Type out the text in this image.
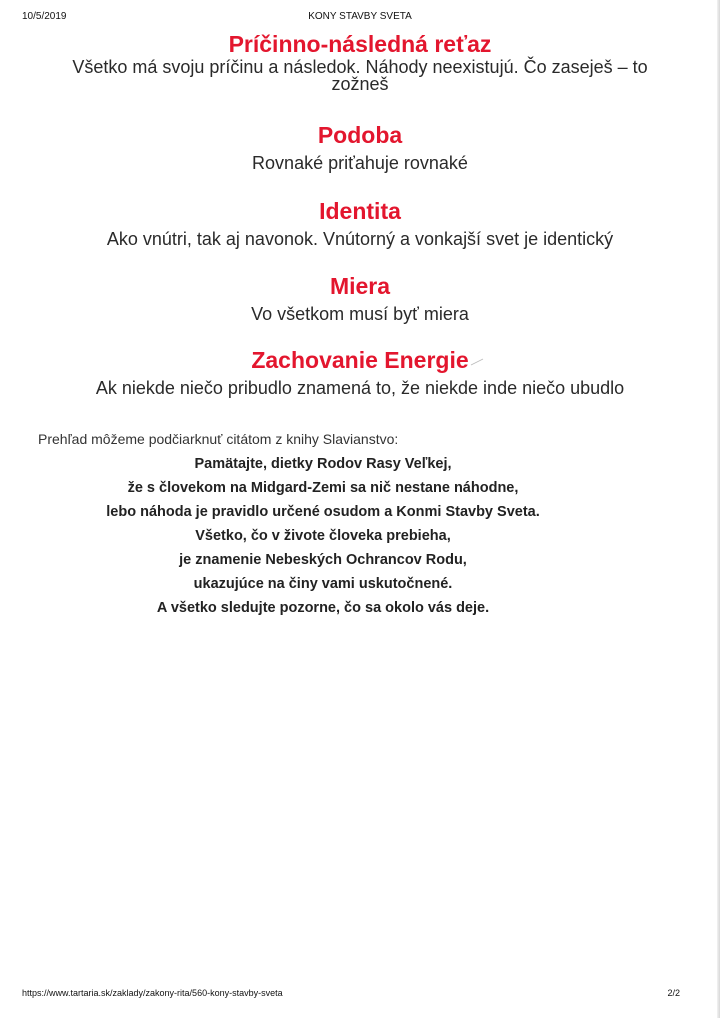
10/5/2019	KONY STAVBY SVETA
Príčinno-následná reťaz
Všetko má svoju príčinu a následok. Náhody neexistujú. Čo zaseješ – to zožneš
Podoba
Rovnaké priťahuje rovnaké
Identita
Ako vnútri, tak aj navonok. Vnútorný a vonkajší svet je identický
Miera
Vo všetkom musí byť miera
Zachovanie Energie
Ak niekde niečo pribudlo znamená to, že niekde inde niečo ubudlo
Prehľad môžeme podčiarknuť citátom z knihy Slavianstvo:
Pamätajte, dietky Rodov Rasy Veľkej,
že s človekom na Midgard-Zemi sa nič nestane náhodne,
lebo náhoda je pravidlo určené osudom a Konmi Stavby Sveta.
Všetko, čo v živote človeka prebieha,
je znamenie Nebeských Ochrancov Rodu,
ukazujúce na činy vami uskutočnené.
A všetko sledujte pozorne, čo sa okolo vás deje.
https://www.tartaria.sk/zaklady/zakony-rita/560-kony-stavby-sveta	2/2
